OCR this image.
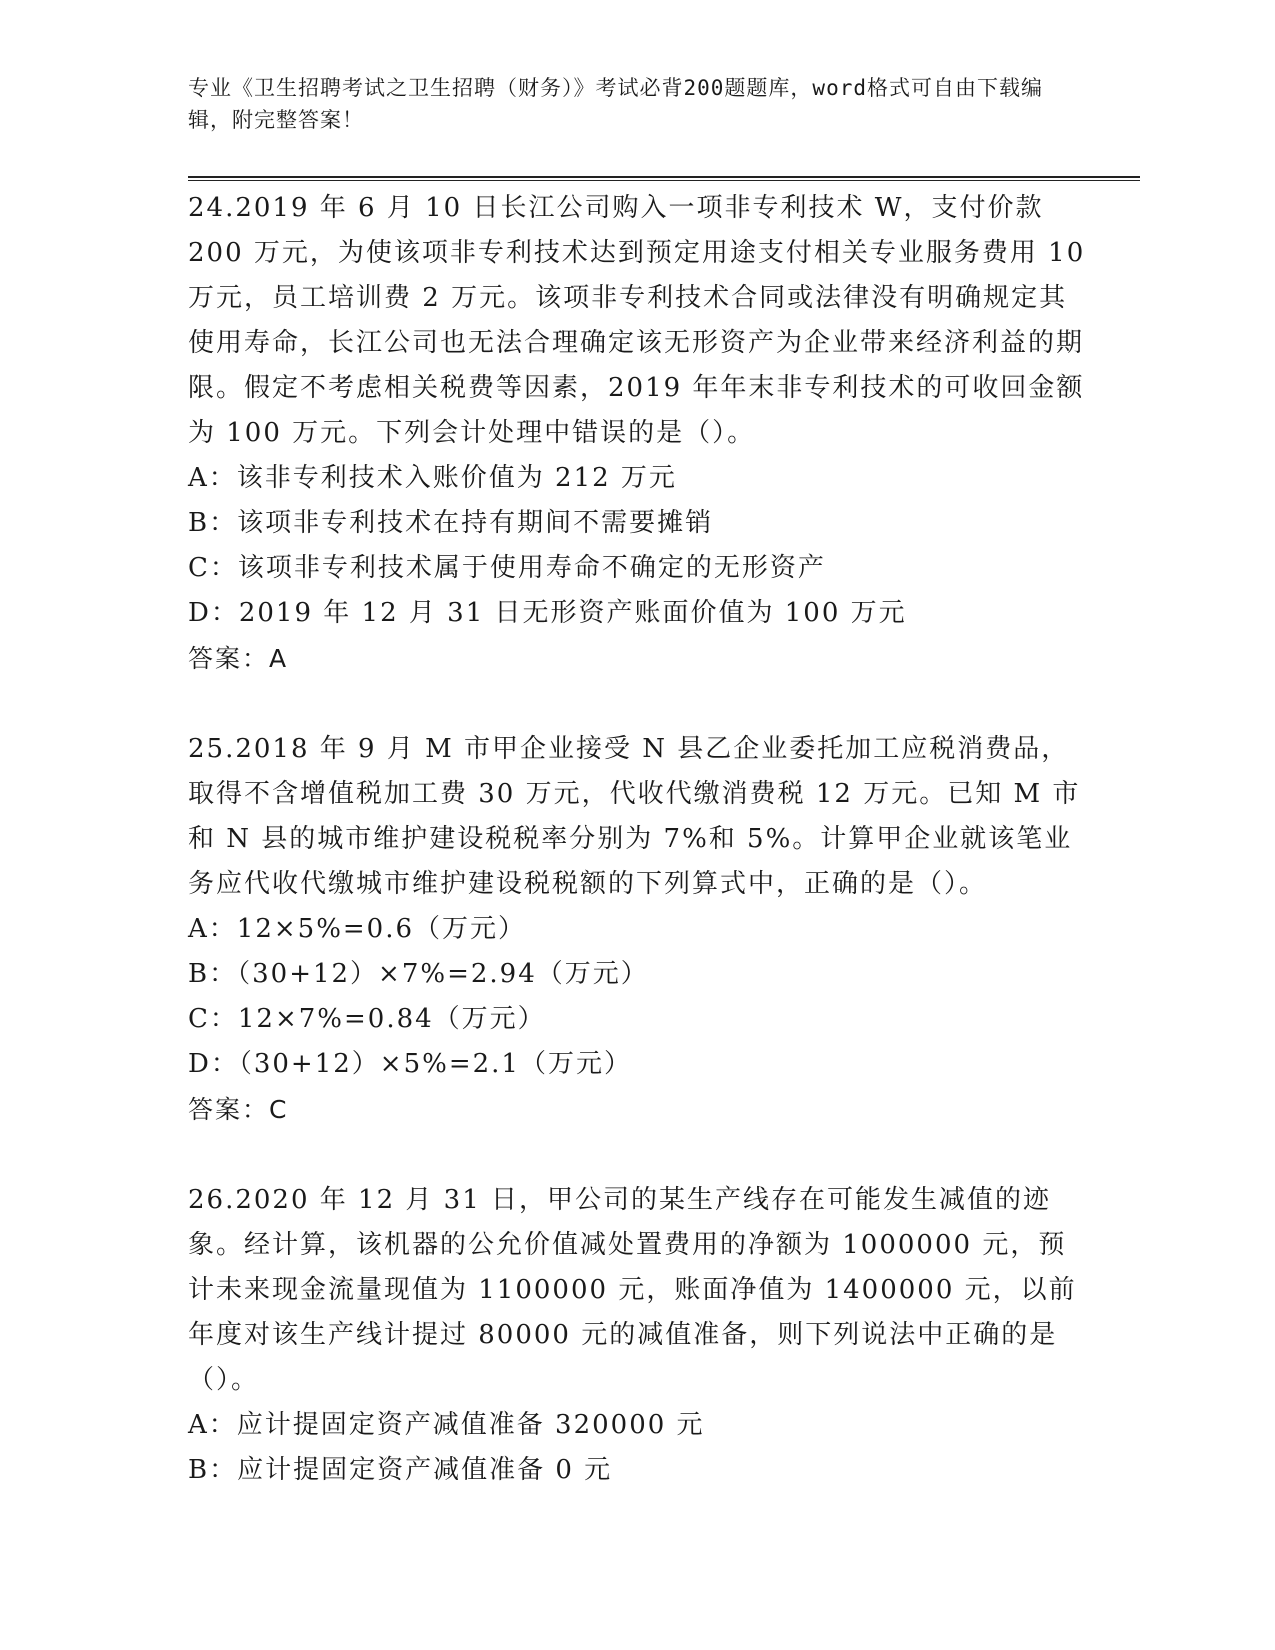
专业《卫生招聘考试之卫生招聘（财务）》考试必背200题题库，word格式可自由下载编辑，附完整答案！

24.2019 年 6 月 10 日长江公司购入一项非专利技术 W，支付价款 200 万元，为使该项非专利技术达到预定用途支付相关专业服务费用 10 万元，员工培训费 2 万元。该项非专利技术合同或法律没有明确规定其使用寿命，长江公司也无法合理确定该无形资产为企业带来经济利益的期限。假定不考虑相关税费等因素，2019 年年末非专利技术的可收回金额为 100 万元。下列会计处理中错误的是（）。

A：该非专利技术入账价值为 212 万元

B：该项非专利技术在持有期间不需要摊销

C：该项非专利技术属于使用寿命不确定的无形资产

D：2019 年 12 月 31 日无形资产账面价值为 100 万元

答案：A

25.2018 年 9 月 M 市甲企业接受 N 县乙企业委托加工应税消费品，取得不含增值税加工费 30 万元，代收代缴消费税 12 万元。已知 M 市和 N 县的城市维护建设税税率分别为 7%和 5%。计算甲企业就该笔业务应代收代缴城市维护建设税税额的下列算式中，正确的是（）。

A：12×5%=0.6（万元）

B：（30+12）×7%=2.94（万元）

C：12×7%=0.84（万元）

D：（30+12）×5%=2.1（万元）

答案：C

26.2020 年 12 月 31 日，甲公司的某生产线存在可能发生减值的迹象。经计算，该机器的公允价值减处置费用的净额为 1000000 元，预计未来现金流量现值为 1100000 元，账面净值为 1400000 元，以前年度对该生产线计提过 80000 元的减值准备，则下列说法中正确的是（）。

A：应计提固定资产减值准备 320000 元

B：应计提固定资产减值准备 0 元
